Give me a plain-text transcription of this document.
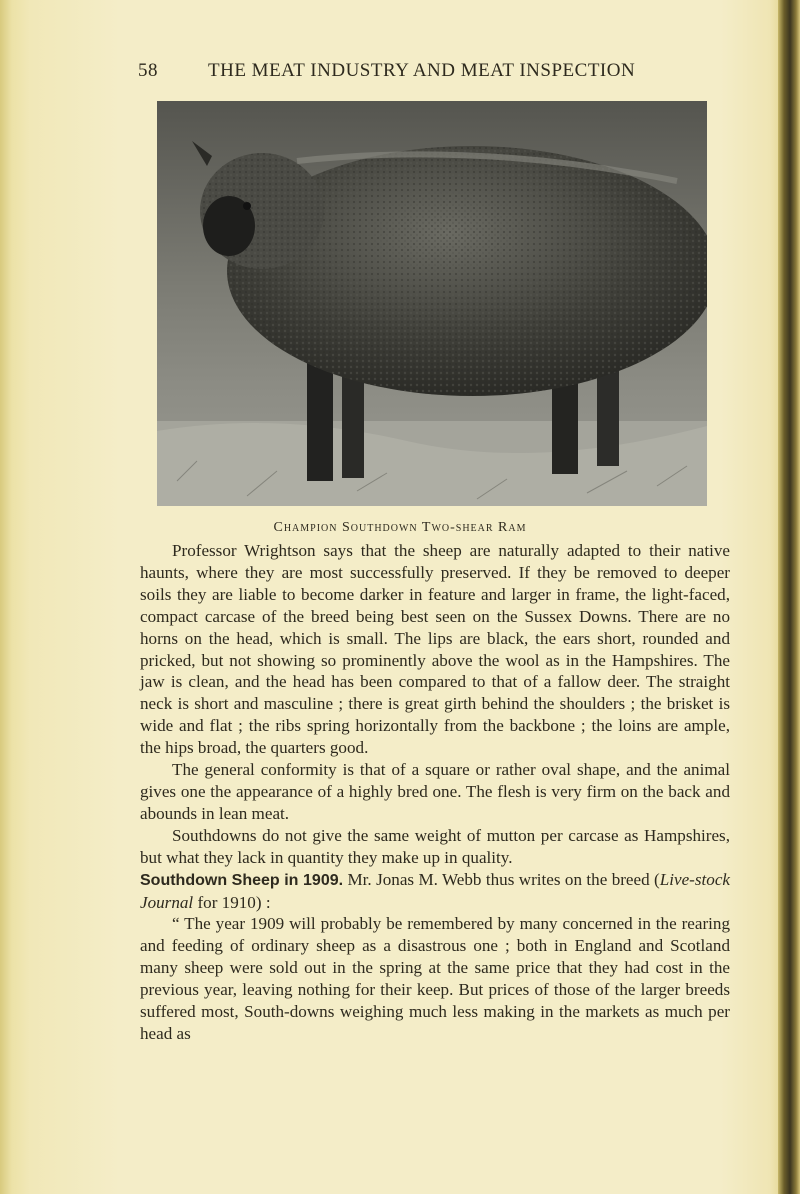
58	THE MEAT INDUSTRY AND MEAT INSPECTION
Champion Southdown Two-shear Ram

Professor Wrightson says that the sheep are naturally adapted to their native haunts, where they are most successfully preserved. If they be removed to deeper soils they are liable to become darker in feature and larger in frame, the light-faced, compact carcase of the breed being best seen on the Sussex Downs. There are no horns on the head, which is small. The lips are black, the ears short, rounded and pricked, but not showing so prominently above the wool as in the Hampshires. The jaw is clean, and the head has been compared to that of a fallow deer. The straight neck is short and masculine ; there is great girth behind the shoulders ; the brisket is wide and flat ; the ribs spring horizontally from the backbone ; the loins are ample, the hips broad, the quarters good.

The general conformity is that of a square or rather oval shape, and the animal gives one the appearance of a highly bred one. The flesh is very firm on the back and abounds in lean meat.

Southdowns do not give the same weight of mutton per carcase as Hampshires, but what they lack in quantity they make up in quality.

Southdown Sheep in 1909. Mr. Jonas M. Webb thus writes on the breed (Live-stock Journal for 1910) :

“ The year 1909 will probably be remembered by many concerned in the rearing and feeding of ordinary sheep as a disastrous one ; both in England and Scotland many sheep were sold out in the spring at the same price that they had cost in the previous year, leaving nothing for their keep. But prices of those of the larger breeds suffered most, South-downs weighing much less making in the markets as much per head as
